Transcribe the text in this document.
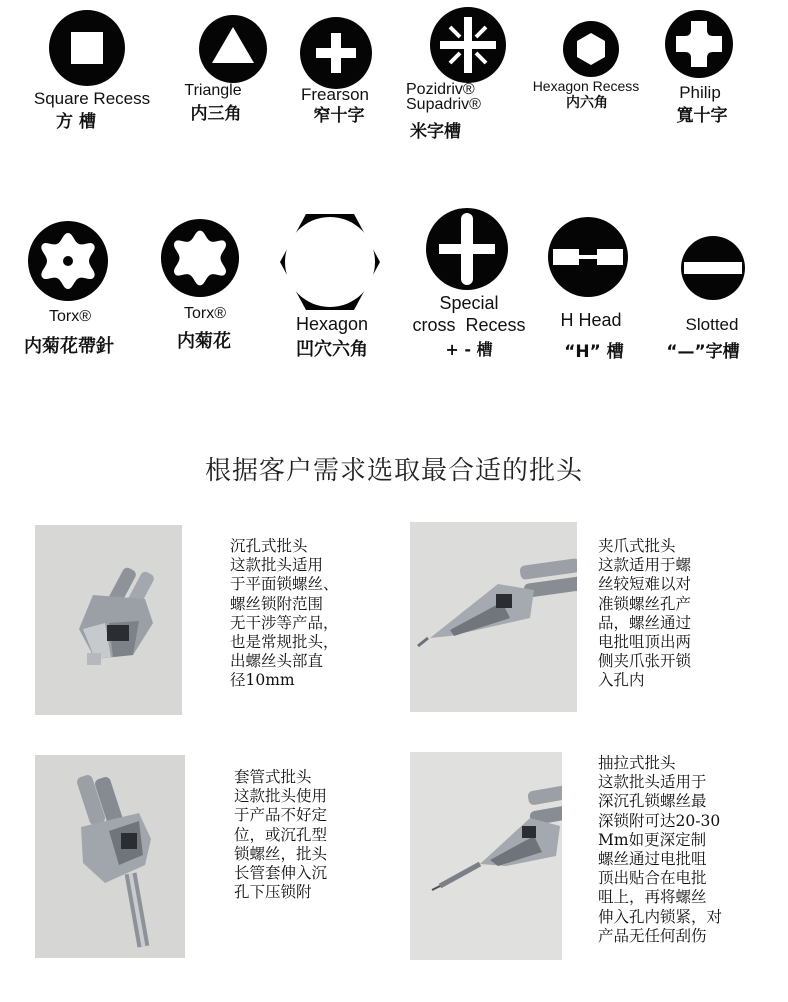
Square Recess
方 槽
Triangle
内三角
Frearson
窄十字
Pozidriv®
Supadriv®
米字槽
Hexagon Recess
内六角
Philip
寬十字
Torx®
内菊花帶針
Torx®
内菊花
Hexagon
凹穴六角
Special
cross  Recess
+ - 槽
H Head
“H” 槽
Slotted
“—”字槽
根据客户需求选取最合适的批头
沉孔式批头
这款批头适用
于平面锁螺丝、
螺丝锁附范围
无干涉等产品，
也是常规批头，
出螺丝头部直
径10mm
夹爪式批头
这款适用于螺
丝较短难以对
准锁螺丝孔产
品，螺丝通过
电批咀顶出两
侧夹爪张开锁
入孔内
套管式批头
这款批头使用
于产品不好定
位，或沉孔型
锁螺丝，批头
长管套伸入沉
孔下压锁附
抽拉式批头
这款批头适用于
深沉孔锁螺丝最
深锁附可达20-30
Mm如更深定制
螺丝通过电批咀
顶出贴合在电批
咀上，再将螺丝
伸入孔内锁紧，对
产品无任何刮伤
